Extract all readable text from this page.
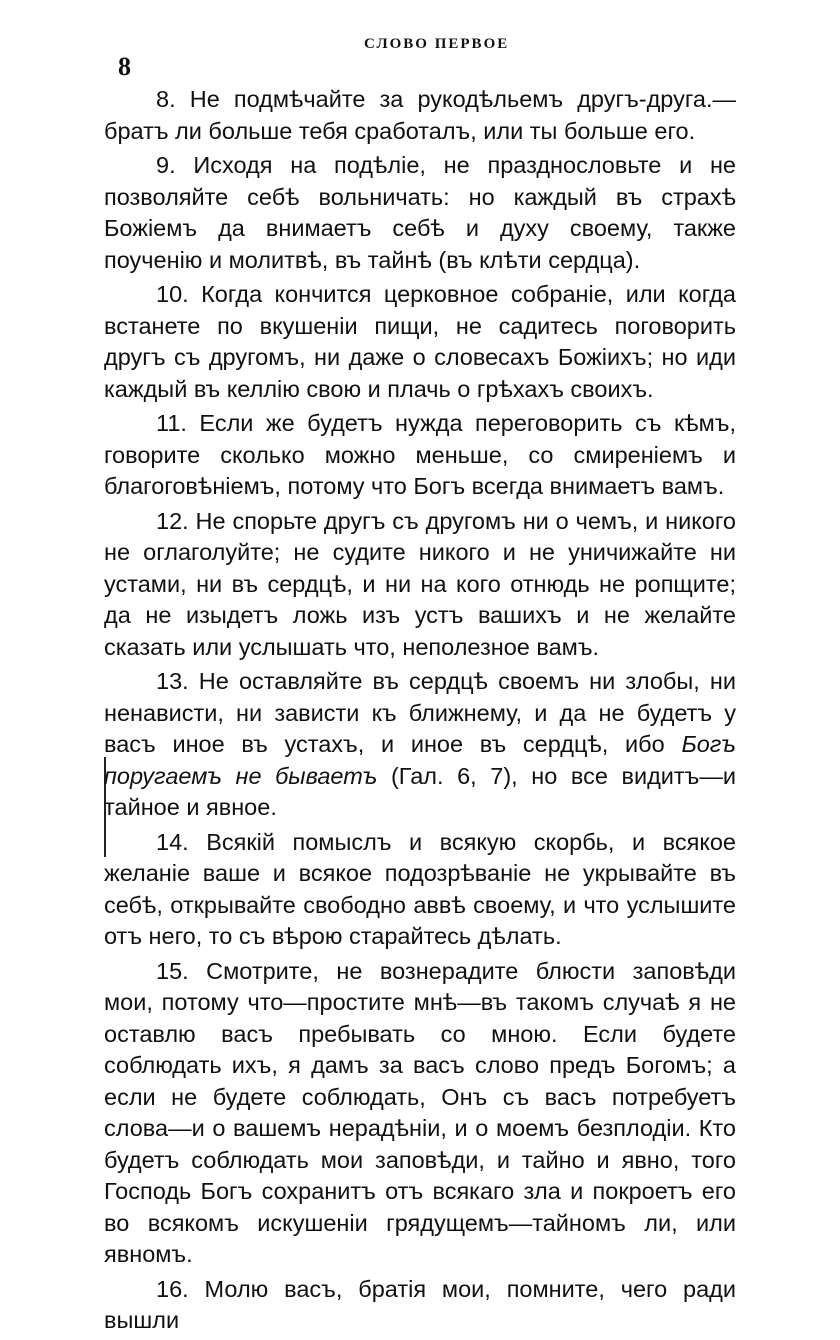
8
СЛОВО ПЕРВОЕ

8. Не подмѣчайте за рукодѣльемъ другъ-друга.—братъ ли больше тебя сработалъ, или ты больше его.

9. Исходя на подѣліе, не празднословьте и не позволяйте себѣ вольничать: но каждый въ страхѣ Божіемъ да внимаетъ себѣ и духу своему, также поученію и молитвѣ, въ тайнѣ (въ клѣти сердца).

10. Когда кончится церковное собраніе, или когда встанете по вкушеніи пищи, не садитесь поговорить другъ съ другомъ, ни даже о словесахъ Божіихъ; но иди каждый въ келлію свою и плачь о грѣхахъ своихъ.

11. Если же будетъ нужда переговорить съ кѣмъ, говорите сколько можно меньше, со смиреніемъ и благоговѣніемъ, потому что Богъ всегда внимаетъ вамъ.

12. Не спорьте другъ съ другомъ ни о чемъ, и никого не оглаголуйте; не судите никого и не уничижайте ни устами, ни въ сердцѣ, и ни на кого отнюдь не ропщите; да не изыдетъ ложь изъ устъ вашихъ и не желайте сказать или услышать что, неполезное вамъ.

13. Не оставляйте въ сердцѣ своемъ ни злобы, ни ненависти, ни зависти къ ближнему, и да не будетъ у васъ иное въ устахъ, и иное въ сердцѣ, ибо Богъ поругаемъ не бываетъ (Гал. 6, 7), но все видитъ—и тайное и явное.

14. Всякій помыслъ и всякую скорбь, и всякое желаніе ваше и всякое подозрѣваніе не укрывайте въ себѣ, открывайте свободно аввѣ своему, и что услышите отъ него, то съ вѣрою старайтесь дѣлать.

15. Смотрите, не вознерадите блюсти заповѣди мои, потому что—простите мнѣ—въ такомъ случаѣ я не оставлю васъ пребывать со мною. Если будете соблюдать ихъ, я дамъ за васъ слово предъ Богомъ; а если не будете соблюдать, Онъ съ васъ потребуетъ слова—и о вашемъ нерадѣніи, и о моемъ безплодіи. Кто будетъ соблюдать мои заповѣди, и тайно и явно, того Господь Богъ сохранитъ отъ всякаго зла и покроетъ его во всякомъ искушеніи грядущемъ—тайномъ ли, или явномъ.

16. Молю васъ, братія мои, помните, чего ради вышли
